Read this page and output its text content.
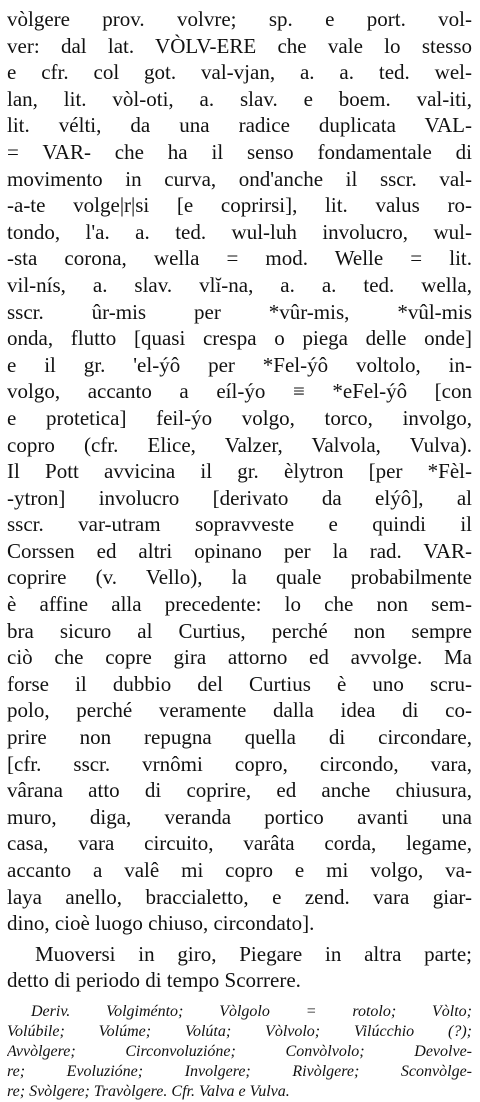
vòlgere prov. volvre; sp. e port. vol-
ver: dal lat. VÒLV-ERE che vale lo stesso
e cfr. col got. val-vjan, a. a. ted. wel-
lan, lit. vòl-oti, a. slav. e boem. val-iti,
lit. vélti, da una radice duplicata VAL-
= VAR- che ha il senso fondamentale di
movimento in curva, ond'anche il sscr. val-
-a-te volge|r|si [e coprirsi], lit. valus ro-
tondo, l'a. a. ted. wul-luh involucro, wul-
-sta corona, wella = mod. Welle = lit.
vil-nís, a. slav. vlĭ-na, a. a. ted. wella,
sscr. ûr-mis per *vûr-mis, *vûl-mis
onda, flutto [quasi crespa o piega delle onde]
e il gr. 'el-ýô per *Fel-ýô voltolo, in-
volgo, accanto a eíl-ýo ≡ *eFel-ýô [con
e protetica] feil-ýo volgo, torco, involgo,
copro (cfr. Elice, Valzer, Valvola, Vulva).
Il Pott avvicina il gr. èlytron [per *Fèl-
-ytron] involucro [derivato da elýô], al
sscr. var-utram sopravveste e quindi il
Corssen ed altri opinano per la rad. VAR-
coprire (v. Vello), la quale probabilmente
è affine alla precedente: lo che non sem-
bra sicuro al Curtius, perché non sempre
ciò che copre gira attorno ed avvolge. Ma
forse il dubbio del Curtius è uno scru-
polo, perché veramente dalla idea di co-
prire non repugna quella di circondare,
[cfr. sscr. vrnômi copro, circondo, vara,
vârana atto di coprire, ed anche chiusura,
muro, diga, veranda portico avanti una
casa, vara circuito, varâta corda, legame,
accanto a valê mi copro e mi volgo, va-
laya anello, braccialetto, e zend. vara giar-
dino, cioè luogo chiuso, circondato].
Muoversi in giro, Piegare in altra parte;
detto di periodo di tempo Scorrere.
Deriv. Volgiménto; Vòlgolo = rotolo; Vòlto;
Volúbile; Volúme; Volúta; Vòlvolo; Vilúcchio (?);
Avvòlgere; Circonvoluzióne; Convòlvolo; Devolve-
re; Evoluzióne; Involgere; Rivòlgere; Sconvòlge-
re; Svòlgere; Travòlgere. Cfr. Valva e Vulva.
